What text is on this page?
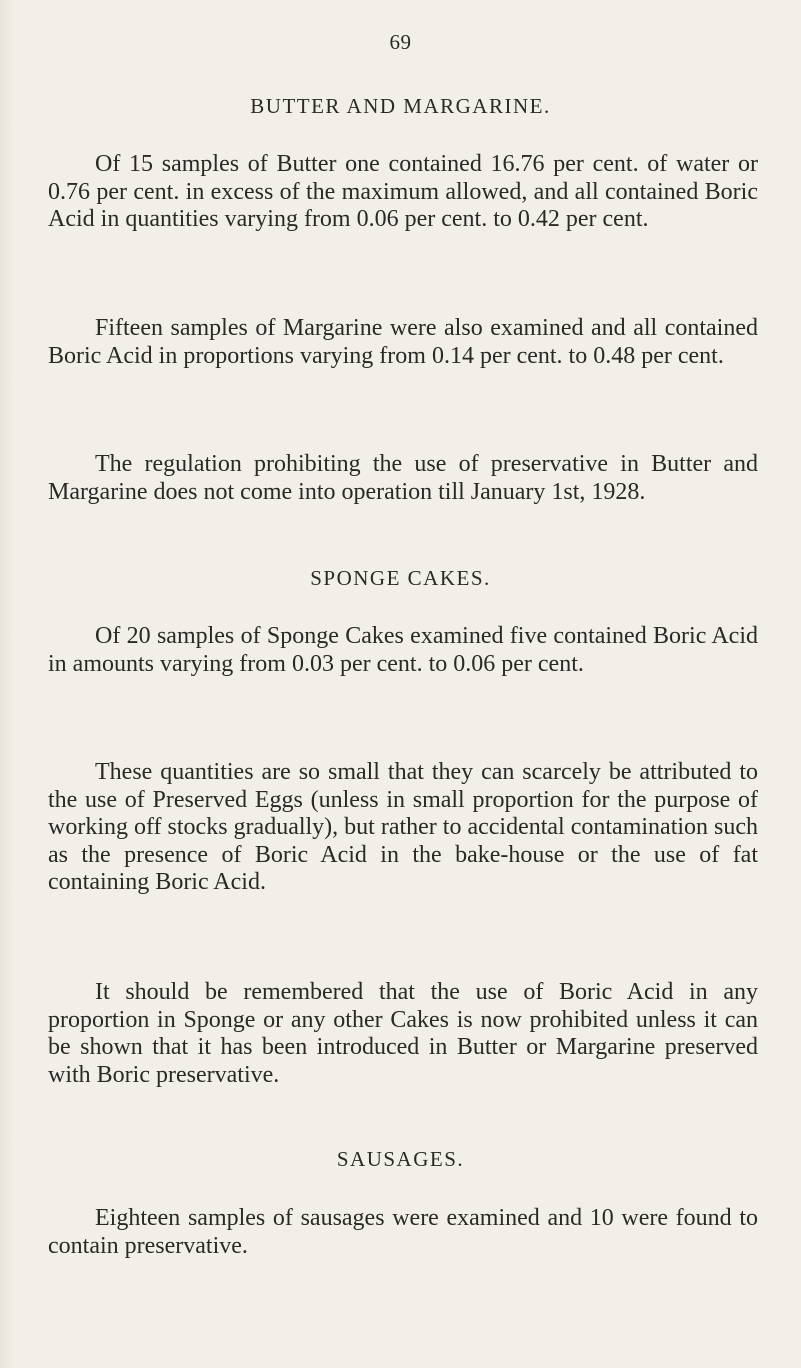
69
BUTTER AND MARGARINE.

Of 15 samples of Butter one contained 16.76 per cent. of water or 0.76 per cent. in excess of the maximum allowed, and all contained Boric Acid in quantities varying from 0.06 per cent. to 0.42 per cent.

Fifteen samples of Margarine were also examined and all contained Boric Acid in proportions varying from 0.14 per cent. to 0.48 per cent.

The regulation prohibiting the use of preservative in Butter and Margarine does not come into operation till January 1st, 1928.

SPONGE CAKES.

Of 20 samples of Sponge Cakes examined five contained Boric Acid in amounts varying from 0.03 per cent. to 0.06 per cent.

These quantities are so small that they can scarcely be attributed to the use of Preserved Eggs (unless in small proportion for the purpose of working off stocks gradually), but rather to accidental contamination such as the presence of Boric Acid in the bake-house or the use of fat containing Boric Acid.

It should be remembered that the use of Boric Acid in any proportion in Sponge or any other Cakes is now prohibited unless it can be shown that it has been introduced in Butter or Margarine preserved with Boric preservative.

SAUSAGES.

Eighteen samples of sausages were examined and 10 were found to contain preservative.
